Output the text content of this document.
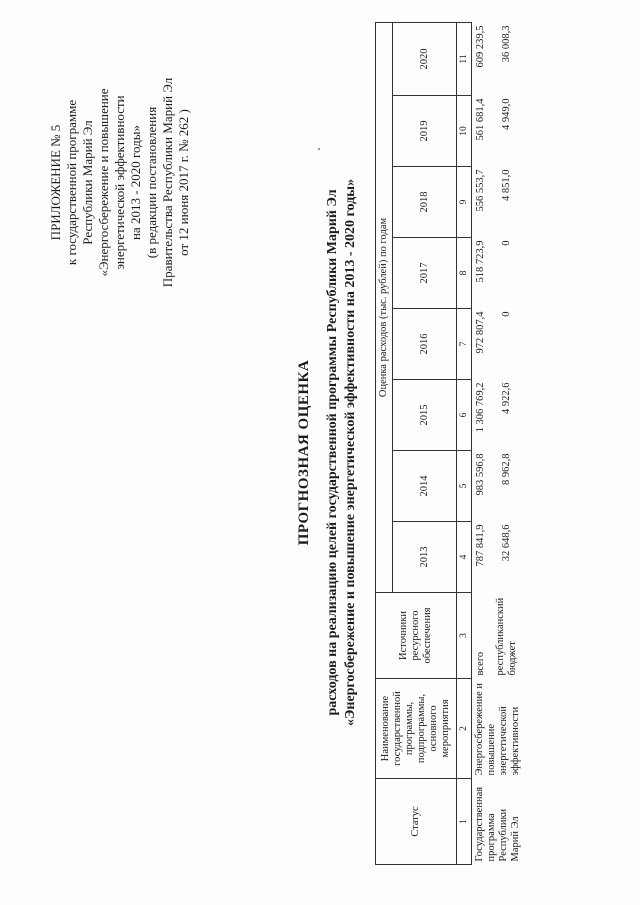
ПРИЛОЖЕНИЕ № 5 к государственной программе Республики Марий Эл «Энергосбережение и повышение энергетической эффективности на 2013 - 2020 годы» (в редакции постановления Правительства Республики Марий Эл от 12 июня 2017 г. № 262 )
ПРОГНОЗНАЯ ОЦЕНКА расходов на реализацию целей государственной программы Республики Марий Эл «Энергосбережение и повышение энергетической эффективности на 2013 - 2020 годы»
Статус	Наименование государственной программы, подпрограммы, основного мероприятия	Источники ресурсного обеспечения	Оценка расходов (тыс. рублей) по годам							
			2013	2014	2015	2016	2017	2018	2019	2020
1	2	3	4	5	6	7	8	9	10	11
Государственная программа Республики Марий Эл	Энергосбережение и повышение энергетической эффективности	всего	787 841,9	983 596,8	1 306 769,2	972 807,4	518 723,9	556 553,7	561 681,4	609 239,5
		республиканский бюджет	32 648,6	8 962,8	4 922,6	0	0	4 851,0	4 949,0	36 008,3
